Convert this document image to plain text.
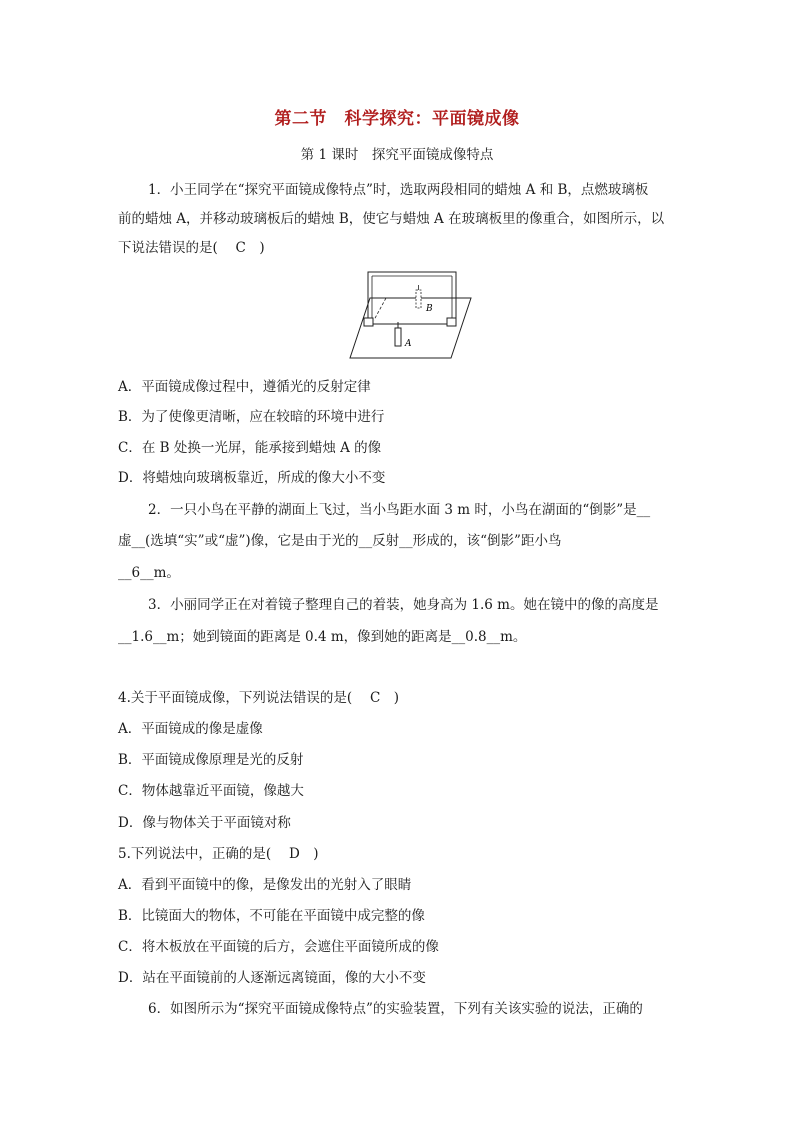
第二节　科学探究：平面镜成像
第 1 课时　探究平面镜成像特点
1．小王同学在“探究平面镜成像特点”时，选取两段相同的蜡烛 A 和 B，点燃玻璃板
前的蜡烛 A，并移动玻璃板后的蜡烛 B，使它与蜡烛 A 在玻璃板里的像重合，如图所示，以
下说法错误的是(　 C　)
A
B
A．平面镜成像过程中，遵循光的反射定律
B．为了使像更清晰，应在较暗的环境中进行
C．在 B 处换一光屏，能承接到蜡烛 A 的像
D．将蜡烛向玻璃板靠近，所成的像大小不变
2．一只小鸟在平静的湖面上飞过，当小鸟距水面 3 m 时，小鸟在湖面的“倒影”是__
虚__(选填“实”或“虚”)像，它是由于光的__反射__形成的，该“倒影”距小鸟
__6__m。
3．小丽同学正在对着镜子整理自己的着装，她身高为 1.6 m。她在镜中的像的高度是
__1.6__m；她到镜面的距离是 0.4 m，像到她的距离是__0.8__m。
4.关于平面镜成像，下列说法错误的是(　 C　)
A．平面镜成的像是虚像
B．平面镜成像原理是光的反射
C．物体越靠近平面镜，像越大
D．像与物体关于平面镜对称
5.下列说法中，正确的是(　 D　)
A．看到平面镜中的像，是像发出的光射入了眼睛
B．比镜面大的物体，不可能在平面镜中成完整的像
C．将木板放在平面镜的后方，会遮住平面镜所成的像
D．站在平面镜前的人逐渐远离镜面，像的大小不变
6．如图所示为“探究平面镜成像特点”的实验装置，下列有关该实验的说法，正确的
